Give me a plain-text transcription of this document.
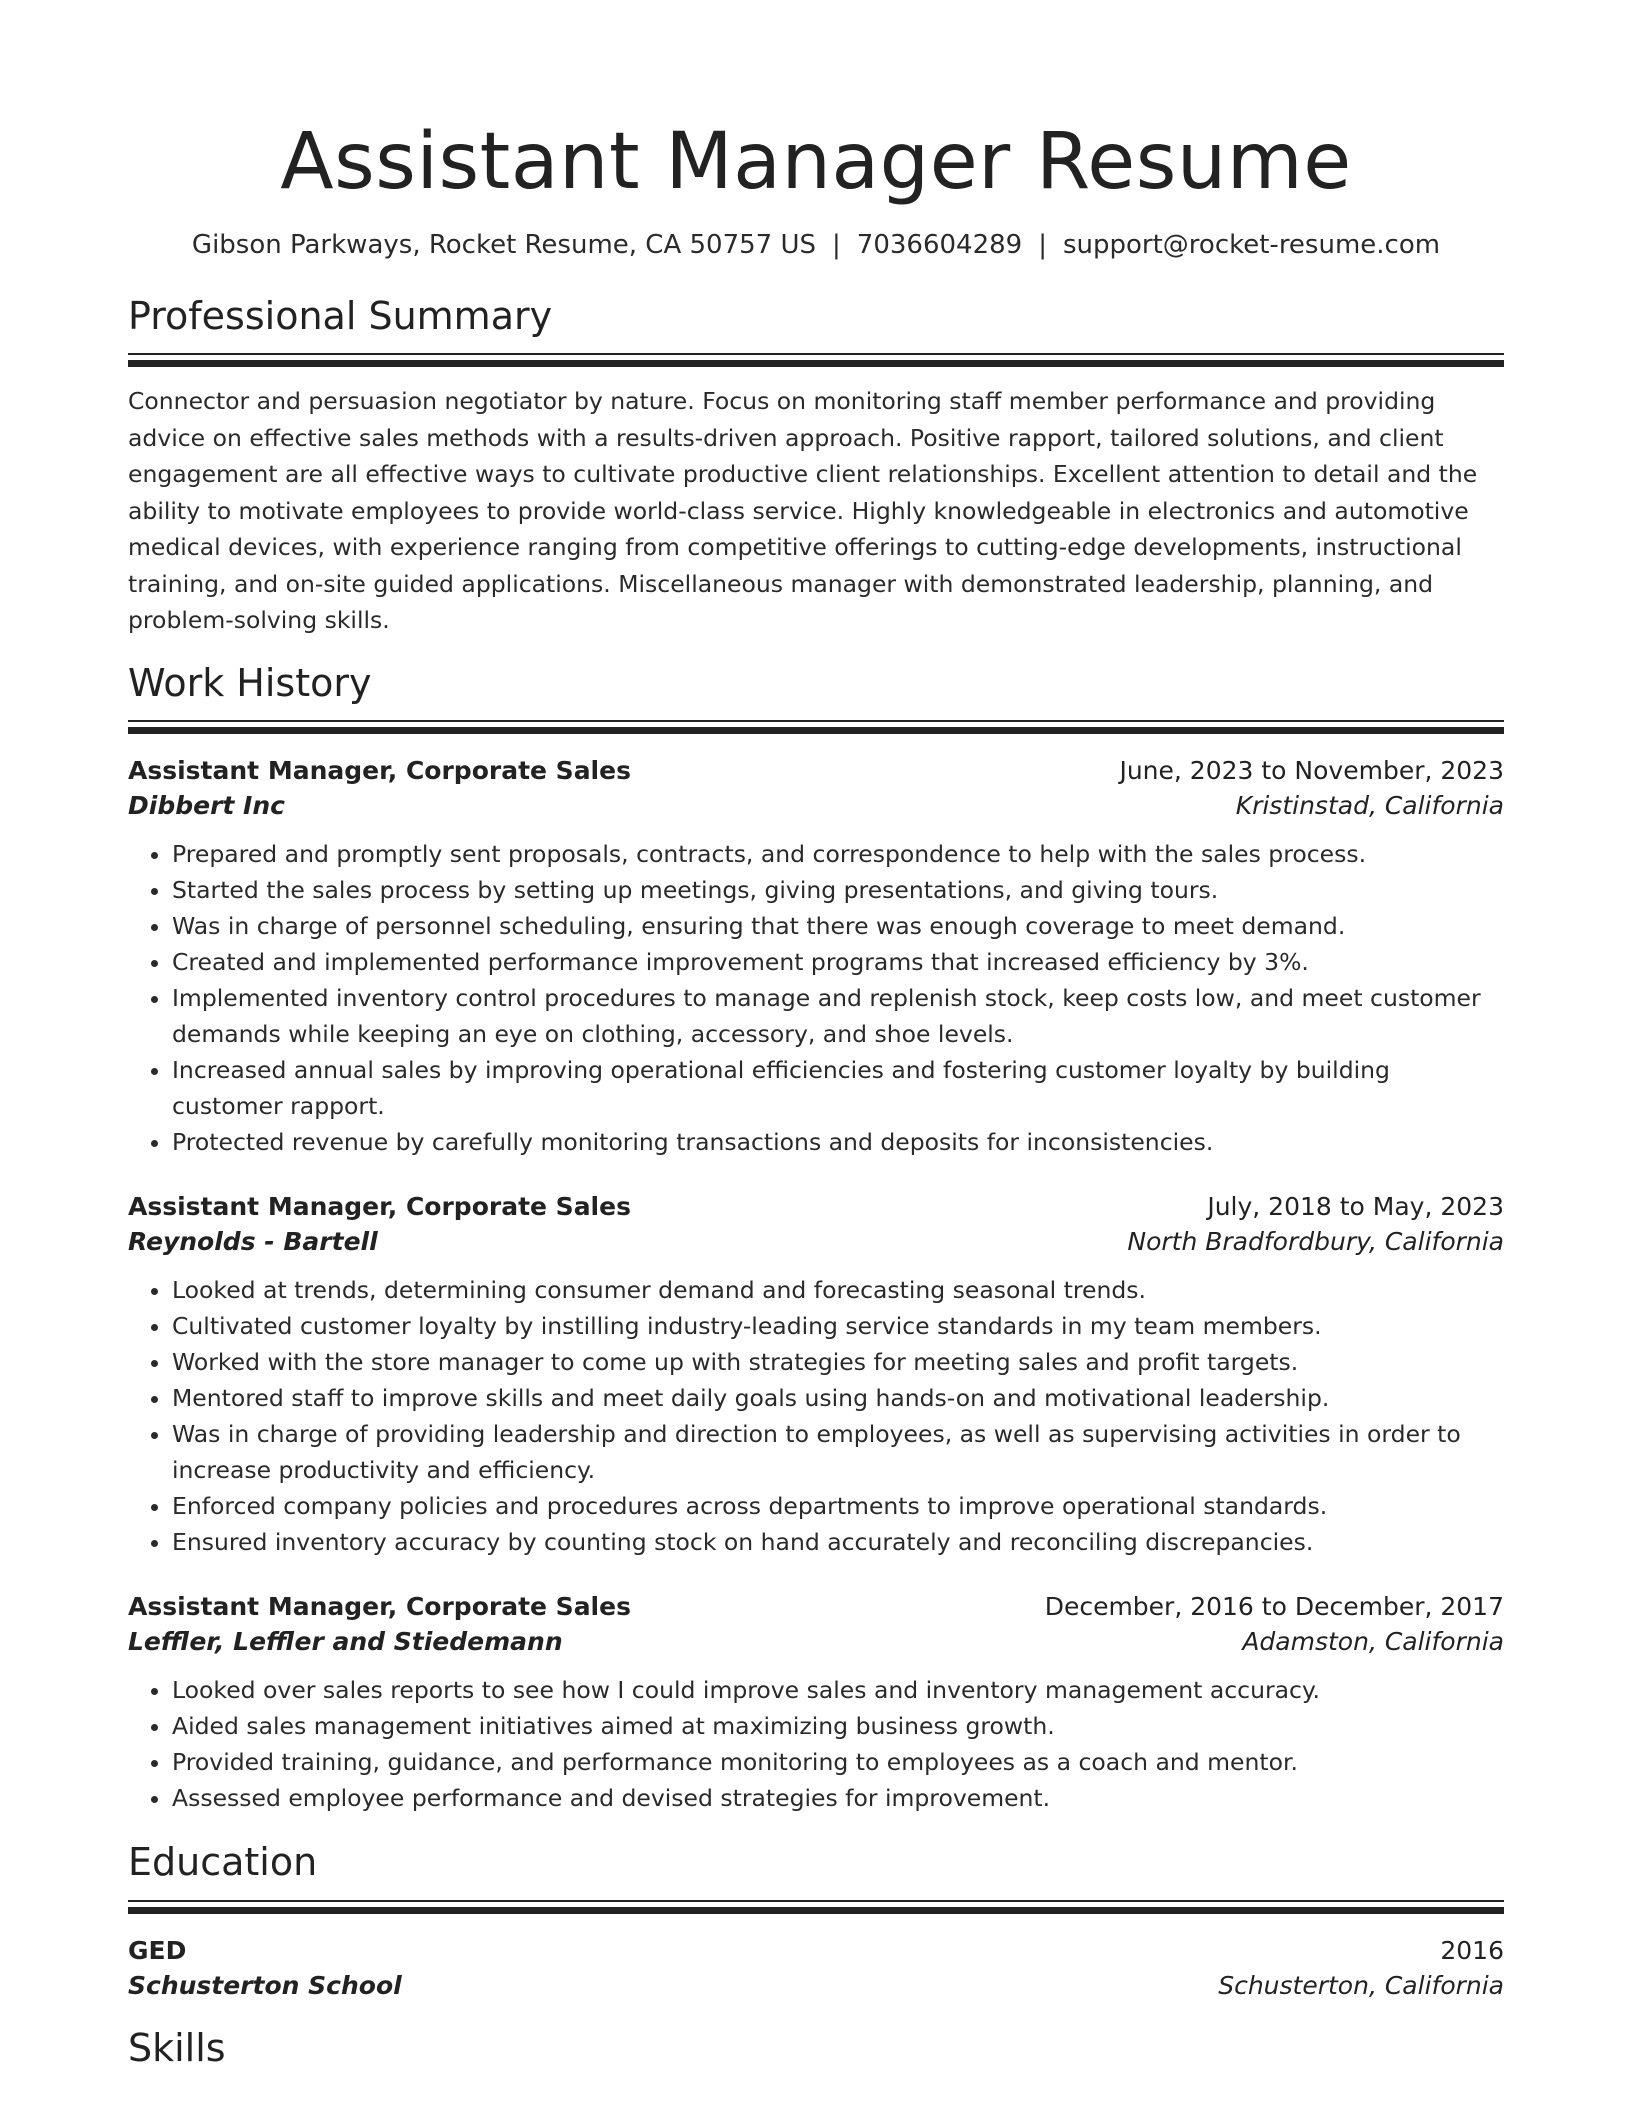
Assistant Manager Resume
Gibson Parkways, Rocket Resume, CA 50757 US | 7036604289 | support@rocket-resume.com
Professional Summary

Connector and persuasion negotiator by nature. Focus on monitoring staff member performance and providing advice on effective sales methods with a results-driven approach. Positive rapport, tailored solutions, and client engagement are all effective ways to cultivate productive client relationships. Excellent attention to detail and the ability to motivate employees to provide world-class service. Highly knowledgeable in electronics and automotive medical devices, with experience ranging from competitive offerings to cutting-edge developments, instructional training, and on-site guided applications. Miscellaneous manager with demonstrated leadership, planning, and problem-solving skills.

Work History
Assistant Manager, Corporate Sales	June, 2023 to November, 2023
Dibbert Inc	Kristinstad, California
• Prepared and promptly sent proposals, contracts, and correspondence to help with the sales process.
• Started the sales process by setting up meetings, giving presentations, and giving tours.
• Was in charge of personnel scheduling, ensuring that there was enough coverage to meet demand.
• Created and implemented performance improvement programs that increased efficiency by 3%.
• Implemented inventory control procedures to manage and replenish stock, keep costs low, and meet customer demands while keeping an eye on clothing, accessory, and shoe levels.
• Increased annual sales by improving operational efficiencies and fostering customer loyalty by building customer rapport.
• Protected revenue by carefully monitoring transactions and deposits for inconsistencies.
Assistant Manager, Corporate Sales	July, 2018 to May, 2023
Reynolds - Bartell	North Bradfordbury, California
• Looked at trends, determining consumer demand and forecasting seasonal trends.
• Cultivated customer loyalty by instilling industry-leading service standards in my team members.
• Worked with the store manager to come up with strategies for meeting sales and profit targets.
• Mentored staff to improve skills and meet daily goals using hands-on and motivational leadership.
• Was in charge of providing leadership and direction to employees, as well as supervising activities in order to increase productivity and efficiency.
• Enforced company policies and procedures across departments to improve operational standards.
• Ensured inventory accuracy by counting stock on hand accurately and reconciling discrepancies.
Assistant Manager, Corporate Sales	December, 2016 to December, 2017
Leffler, Leffler and Stiedemann	Adamston, California
• Looked over sales reports to see how I could improve sales and inventory management accuracy.
• Aided sales management initiatives aimed at maximizing business growth.
• Provided training, guidance, and performance monitoring to employees as a coach and mentor.
• Assessed employee performance and devised strategies for improvement.
Education
GED	2016
Schusterton School	Schusterton, California
Skills
